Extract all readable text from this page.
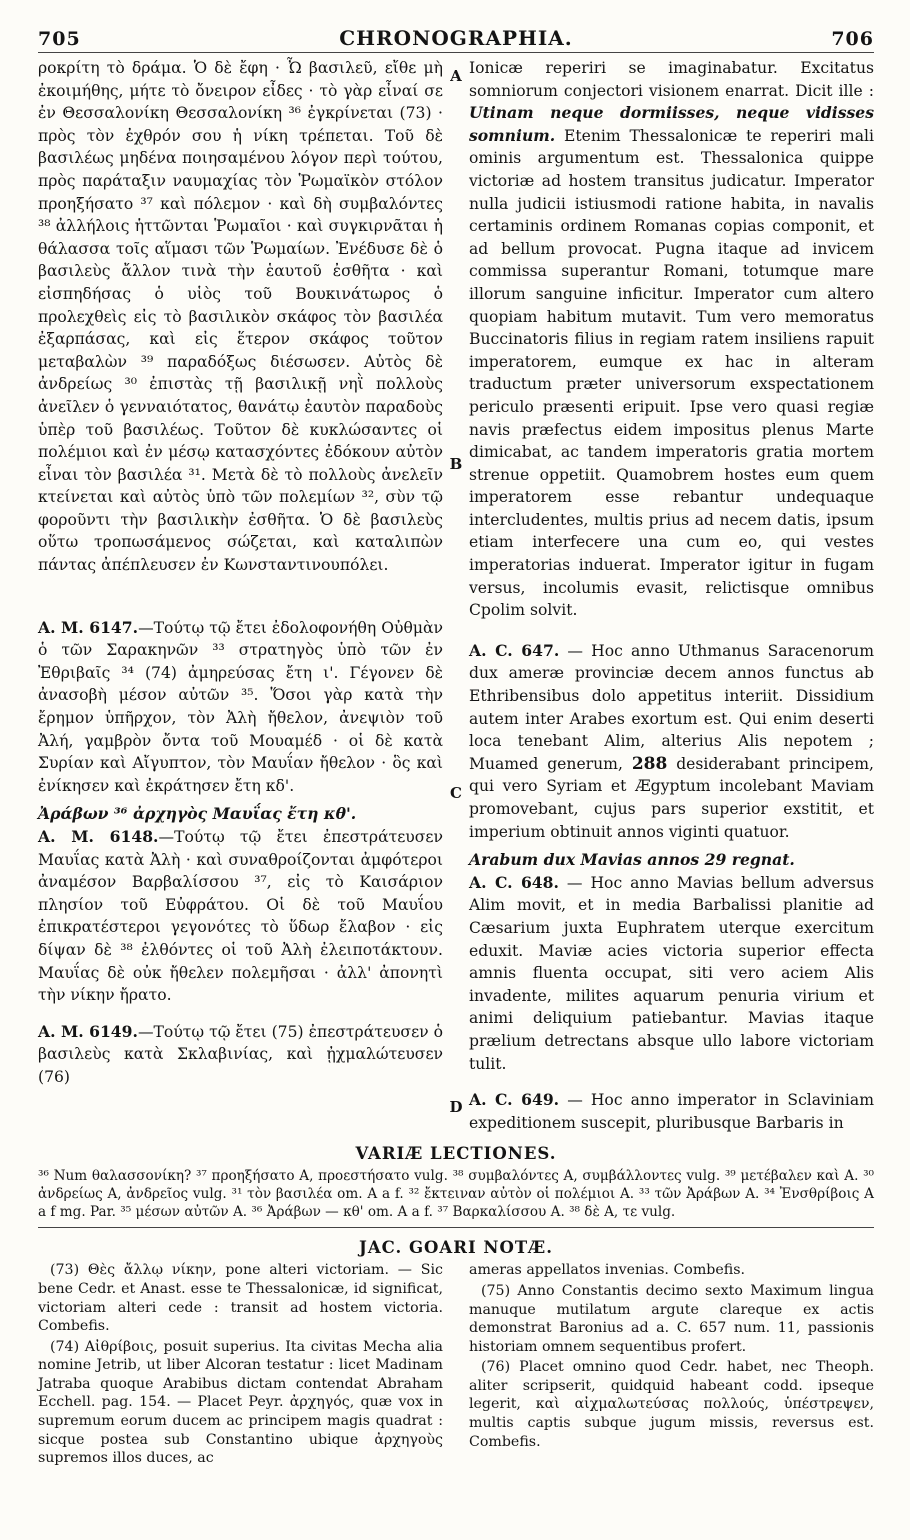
705	CHRONOGRAPHIA.	706
A
B
C
D

ροκρίτη τὸ δράμα. Ὁ δὲ ἔφη · Ὦ βασιλεῦ, εἴθε μὴ ἐκοιμήθης, μήτε τὸ ὄνειρον εἶδες · τὸ γὰρ εἶναί σε ἐν Θεσσαλονίκη Θεσσαλονίκη ³⁶ ἐγκρίνεται (73) · πρὸς τὸν ἐχθρόν σου ἡ νίκη τρέπεται. Τοῦ δὲ βασιλέως μηδένα ποιησαμένου λόγον περὶ τούτου, πρὸς παράταξιν ναυμαχίας τὸν Ῥωμαϊκὸν στόλον προηξήσατο ³⁷ καὶ πόλεμον · καὶ δὴ συμβαλόντες ³⁸ ἀλλήλοις ἡττῶνται Ῥωμαῖοι · καὶ συγκιρνᾶται ἡ θάλασσα τοῖς αἵμασι τῶν Ῥωμαίων. Ἐνέδυσε δὲ ὁ βασιλεὺς ἄλλον τινὰ τὴν ἑαυτοῦ ἐσθῆτα · καὶ εἰσπηδήσας ὁ υἱὸς τοῦ Βουκινάτωρος ὁ προλεχθεὶς εἰς τὸ βασιλικὸν σκάφος τὸν βασιλέα ἐξαρπάσας, καὶ εἰς ἕτερον σκάφος τοῦτον μεταβαλὼν ³⁹ παραδόξως διέσωσεν. Αὐτὸς δὲ ἀνδρείως ³⁰ ἐπιστὰς τῇ βασιλικῇ νηῒ πολλοὺς ἀνεῖλεν ὁ γενναιότατος, θανάτῳ ἑαυτὸν παραδοὺς ὑπὲρ τοῦ βασιλέως. Τοῦτον δὲ κυκλώσαντες οἱ πολέμιοι καὶ ἐν μέσῳ κατασχόντες ἐδόκουν αὐτὸν εἶναι τὸν βασιλέα ³¹. Μετὰ δὲ τὸ πολλοὺς ἀνελεῖν κτείνεται καὶ αὐτὸς ὑπὸ τῶν πολεμίων ³², σὺν τῷ φοροῦντι τὴν βασιλικὴν ἐσθῆτα. Ὁ δὲ βασιλεὺς οὕτω τροπωσάμενος σώζεται, καὶ καταλιπὼν πάντας ἀπέπλευσεν ἐν Κωνσταντινουπόλει.

A. M. 6147.—Τούτῳ τῷ ἔτει ἐδολοφονήθη Οὐθμὰν ὁ τῶν Σαρακηνῶν ³³ στρατηγὸς ὑπὸ τῶν ἐν Ἐθριβαῖς ³⁴ (74) ἀμηρεύσας ἔτη ι'. Γέγονεν δὲ ἀνασοβὴ μέσον αὐτῶν ³⁵. Ὅσοι γὰρ κατὰ τὴν ἔρημον ὑπῆρχον, τὸν Ἀλὴ ἤθελον, ἀνεψιὸν τοῦ Ἀλή, γαμβρὸν ὄντα τοῦ Μουαμέδ · οἱ δὲ κατὰ Συρίαν καὶ Αἴγυπτον, τὸν Μαυΐαν ἤθελον · ὃς καὶ ἐνίκησεν καὶ ἐκράτησεν ἔτη κδ'.

Ἀράβων ³⁶ ἀρχηγὸς Μαυΐας ἔτη κθ'.

A. M. 6148.—Τούτῳ τῷ ἔτει ἐπεστράτευσεν Μαυΐας κατὰ Ἀλὴ · καὶ συναθροίζονται ἀμφότεροι ἀναμέσον Βαρβαλίσσου ³⁷, εἰς τὸ Καισάριον πλησίον τοῦ Εὐφράτου. Οἱ δὲ τοῦ Μαυΐου ἐπικρατέστεροι γεγονότες τὸ ὕδωρ ἔλαβον · εἰς δίψαν δὲ ³⁸ ἐλθόντες οἱ τοῦ Ἀλὴ ἐλειποτάκτουν. Μαυΐας δὲ οὐκ ἤθελεν πολεμῆσαι · ἀλλ' ἀπονητὶ τὴν νίκην ἤρατο.

A. M. 6149.—Τούτῳ τῷ ἔτει (75) ἐπεστράτευσεν ὁ βασιλεὺς κατὰ Σκλαβινίας, καὶ ᾐχμαλώτευσεν (76)

Ioniсæ reperiri se imaginabatur. Excitatus somniorum conjectori visionem enarrat. Dicit ille : Utinam neque dormiisses, neque vidisses somnium. Etenim Thessalonicæ te reperiri mali ominis argumentum est. Thessalonica quippe victoriæ ad hostem transitus judicatur. Imperator nulla judicii istiusmodi ratione habita, in navalis certaminis ordinem Romanas copias componit, et ad bellum provocat. Pugna itaque ad invicem commissa superantur Romani, totumque mare illorum sanguine inficitur. Imperator cum altero quopiam habitum mutavit. Tum vero memoratus Buccinatoris filius in regiam ratem insiliens rapuit imperatorem, eumque ex hac in alteram traductum præter universorum exspectationem periculo præsenti eripuit. Ipse vero quasi regiæ navis præfectus eidem impositus plenus Marte dimicabat, ac tandem imperatoris gratia mortem strenue oppetiit. Quamobrem hostes eum quem imperatorem esse rebantur undequaque intercludentes, multis prius ad necem datis, ipsum etiam interfecere una cum eo, qui vestes imperatorias induerat. Imperator igitur in fugam versus, incolumis evasit, relictisque omnibus Cpolim solvit.

A. C. 647. — Hoc anno Uthmanus Saracenorum dux ameræ provinciæ decem annos functus ab Ethribensibus dolo appetitus interiit. Dissidium autem inter Arabes exortum est. Qui enim deserti loca tenebant Alim, alterius Alis nepotem ; Muamed generum, 288 desiderabant principem, qui vero Syriam et Ægyptum incolebant Maviam promovebant, cujus pars superior exstitit, et imperium obtinuit annos viginti quatuor.

Arabum dux Mavias annos 29 regnat.

A. C. 648. — Hoc anno Mavias bellum adversus Alim movit, et in media Barbalissi planitie ad Cæsarium juxta Euphratem uterque exercitum eduxit. Maviæ acies victoria superior effecta amnis fluenta occupat, siti vero aciem Alis invadente, milites aquarum penuria virium et animi deliquium patiebantur. Mavias itaque prælium detrectans absque ullo labore victoriam tulit.

A. C. 649. — Hoc anno imperator in Sclaviniam expeditionem suscepit, pluribusque Barbaris in

VARIÆ LECTIONES.
³⁶ Num θαλασσονίκη? ³⁷ προηξήσατο A, προεστήσατο vulg. ³⁸ συμβαλόντες A, συμβάλλοντες vulg. ³⁹ μετέβαλεν καὶ A. ³⁰ ἀνδρείως A, ἀνδρεῖος vulg. ³¹ τὸν βασιλέα om. A a f. ³² ἔκτειναν αὐτὸν οἱ πολέμιοι A. ³³ τῶν Ἀράβων A. ³⁴ Ἐνσθρίβοις A a f mg. Par. ³⁵ μέσων αὐτῶν A. ³⁶ Ἀράβων — κθ' om. A a f. ³⁷ Βαρκαλίσσου A. ³⁸ δὲ A, τε vulg.
JAC. GOARI NOTÆ.

(73) Θὲς ἄλλῳ νίκην, pone alteri victoriam. — Sic bene Cedr. et Anast. esse te Thessalonicæ, id significat, victoriam alteri cede : transit ad hostem victoria. Combefis.

(74) Αἰθρίβοις, posuit superius. Ita civitas Mecha alia nomine Jetrib, ut liber Alcoran testatur : licet Madinam Jatraba quoque Arabibus dictam contendat Abraham Ecchell. pag. 154. — Placet Peyr. ἀρχηγός, quæ vox in supremum eorum ducem ac principem magis quadrat : sicque postea sub Constantino ubique ἀρχηγοὺς supremos illos duces, ac

ameras appellatos invenias. Combefis.

(75) Anno Constantis decimo sexto Maximum lingua manuque mutilatum argute clareque ex actis demonstrat Baronius ad a. C. 657 num. 11, passionis historiam omnem sequentibus profert.

(76) Placet omnino quod Cedr. habet, nec Theoph. aliter scripserit, quidquid habeant codd. ipseque legerit, καὶ αἰχμαλωτεύσας πολλούς, ὑπέστρεψεν, multis captis subque jugum missis, reversus est. Combefis.
